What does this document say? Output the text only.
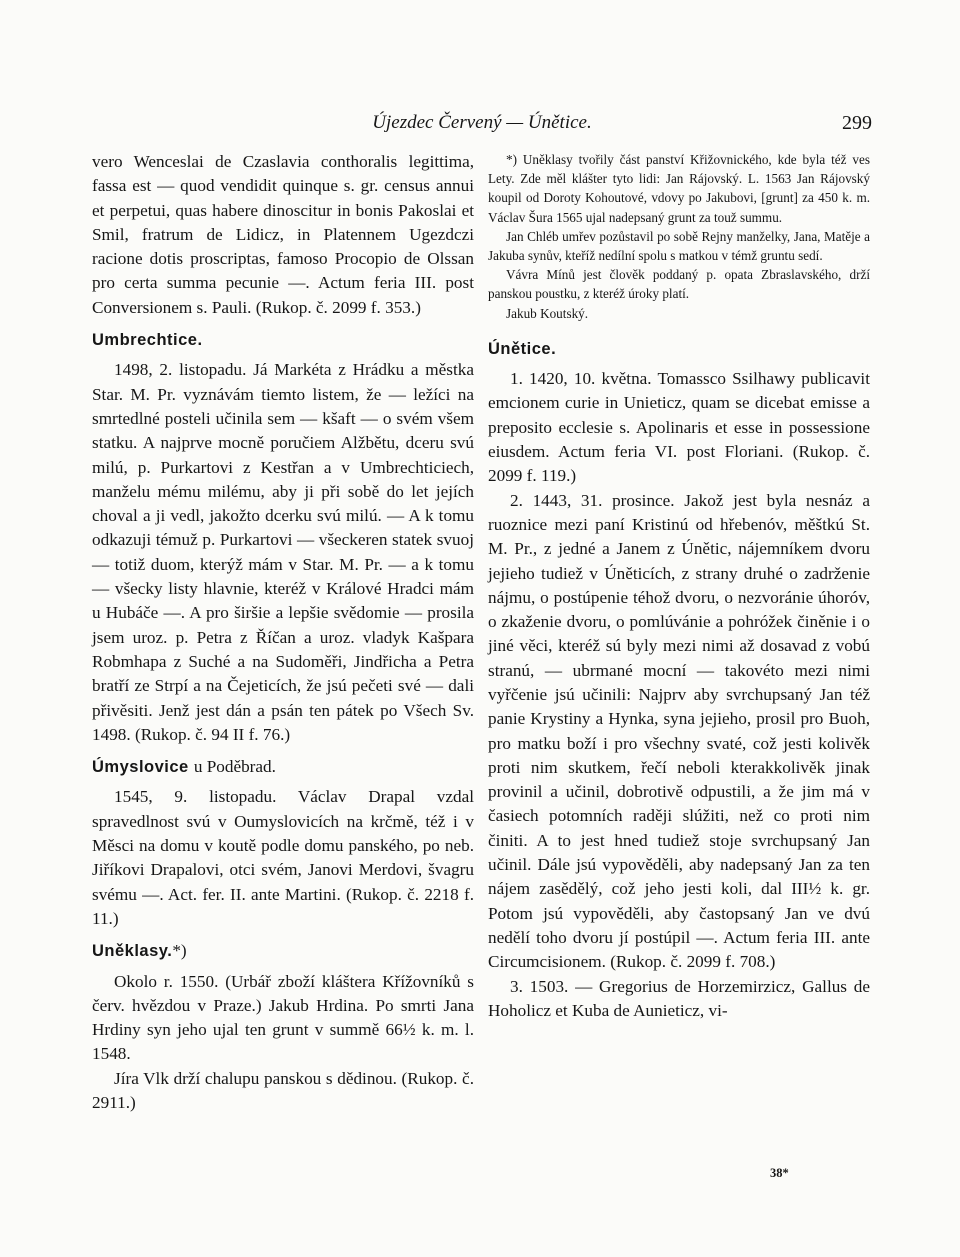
Újezdec Červený — Únětice.	299

vero Wenceslai de Czaslavia conthoralis legittima, fassa est — quod vendidit quinque s. gr. census annui et perpetui, quas habere dinoscitur in bonis Pakoslai et Smil, fratrum de Lidicz, in Platennem Ugezdczi racione dotis proscriptas, famoso Procopio de Olssan pro certa summa pecunie —. Actum feria III. post Conversionem s. Pauli. (Rukop. č. 2099 f. 353.)

Umbrechtice.

1498, 2. listopadu. Já Markéta z Hrádku a městka Star. M. Pr. vyznávám tiemto listem, že — ležíci na smrtedlné posteli učinila sem — kšaft — o svém všem statku. A najprve mocně poručiem Alžbětu, dceru svú milú, p. Purkartovi z Kestřan a v Umbrechticiech, manželu mému milému, aby ji při sobě do let jejích choval a ji vedl, jakožto dcerku svú milú. — A k tomu odkazuji témuž p. Purkartovi — všeckeren statek svuoj — totiž duom, kterýž mám v Star. M. Pr. — a k tomu — všecky listy hlavnie, kteréž v Králové Hradci mám u Hubáče —. A pro širšie a lepšie svědomie — prosila jsem uroz. p. Petra z Říčan a uroz. vladyk Kašpara Robmhapa z Suché a na Sudoměři, Jindřicha a Petra bratří ze Strpí a na Čejeticích, že jsú pečeti své — dali přivěsiti. Jenž jest dán a psán ten pátek po Všech Sv. 1498. (Rukop. č. 94 II f. 76.)

Úmyslovice u Poděbrad.

1545, 9. listopadu. Václav Drapal vzdal spravedlnost svú v Oumyslovicích na krčmě, též i v Měsci na domu v koutě podle domu panského, po neb. Jiříkovi Drapalovi, otci svém, Janovi Merdovi, švagru svému —. Act. fer. II. ante Martini. (Rukop. č. 2218 f. 11.)

Uněklasy.*)

Okolo r. 1550. (Urbář zboží kláštera Křížovníků s červ. hvězdou v Praze.) Jakub Hrdina. Po smrti Jana Hrdiny syn jeho ujal ten grunt v summě 66½ k. m. l. 1548.

Jíra Vlk drží chalupu panskou s dědinou. (Rukop. č. 2911.)

*) Uněklasy tvořily část panství Křižovnického, kde byla též ves Lety. Zde měl klášter tyto lidi: Jan Rájovský. L. 1563 Jan Rájovský koupil od Doroty Kohoutové, vdovy po Jakubovi, [grunt] za 450 k. m. Václav Šura 1565 ujal nadepsaný grunt za touž summu.

Jan Chléb umřev pozůstavil po sobě Rejny manželky, Jana, Matěje a Jakuba synův, kteříž nedílní spolu s matkou v témž gruntu sedí.

Vávra Mínů jest člověk poddaný p. opata Zbraslavského, drží panskou poustku, z kteréž úroky platí.

Jakub Koutský.

Únětice.

1. 1420, 10. května. Tomassco Ssilhawy publicavit emcionem curie in Unieticz, quam se dicebat emisse a preposito ecclesie s. Apolinaris et esse in possessione eiusdem. Actum feria VI. post Floriani. (Rukop. č. 2099 f. 119.)

2. 1443, 31. prosince. Jakož jest byla nesnáz a ruoznice mezi paní Kristinú od hřebenóv, měštkú St. M. Pr., z jedné a Janem z Únětic, nájemníkem dvoru jejieho tudiež v Úněticích, z strany druhé o zadrženie nájmu, o postúpenie téhož dvoru, o nezvoránie úhoróv, o zkaženie dvoru, o pomlúvánie a pohróžek činěnie i o jiné věci, kteréž sú byly mezi nimi až dosavad z vobú stranú, — ubrmané mocní — takovéto mezi nimi vyřčenie jsú učinili: Najprv aby svrchupsaný Jan též panie Krystiny a Hynka, syna jejieho, prosil pro Buoh, pro matku boží i pro všechny svaté, což jesti kolivěk proti nim skutkem, řečí neboli kterakkolivěk jinak provinil a učinil, dobrotivě odpustili, a že jim má v časiech potomních raději slúžiti, než co proti nim činiti. A to jest hned tudiež stoje svrchupsaný Jan učinil. Dále jsú vypověděli, aby nadepsaný Jan za ten nájem zasědělý, což jeho jesti koli, dal III½ k. gr. Potom jsú vypověděli, aby častopsaný Jan ve dvú nedělí toho dvoru jí postúpil —. Actum feria III. ante Circumcisionem. (Rukop. č. 2099 f. 708.)

3. 1503. — Gregorius de Horzemirzicz, Gallus de Hoholicz et Kuba de Aunieticz, vi-

38*
